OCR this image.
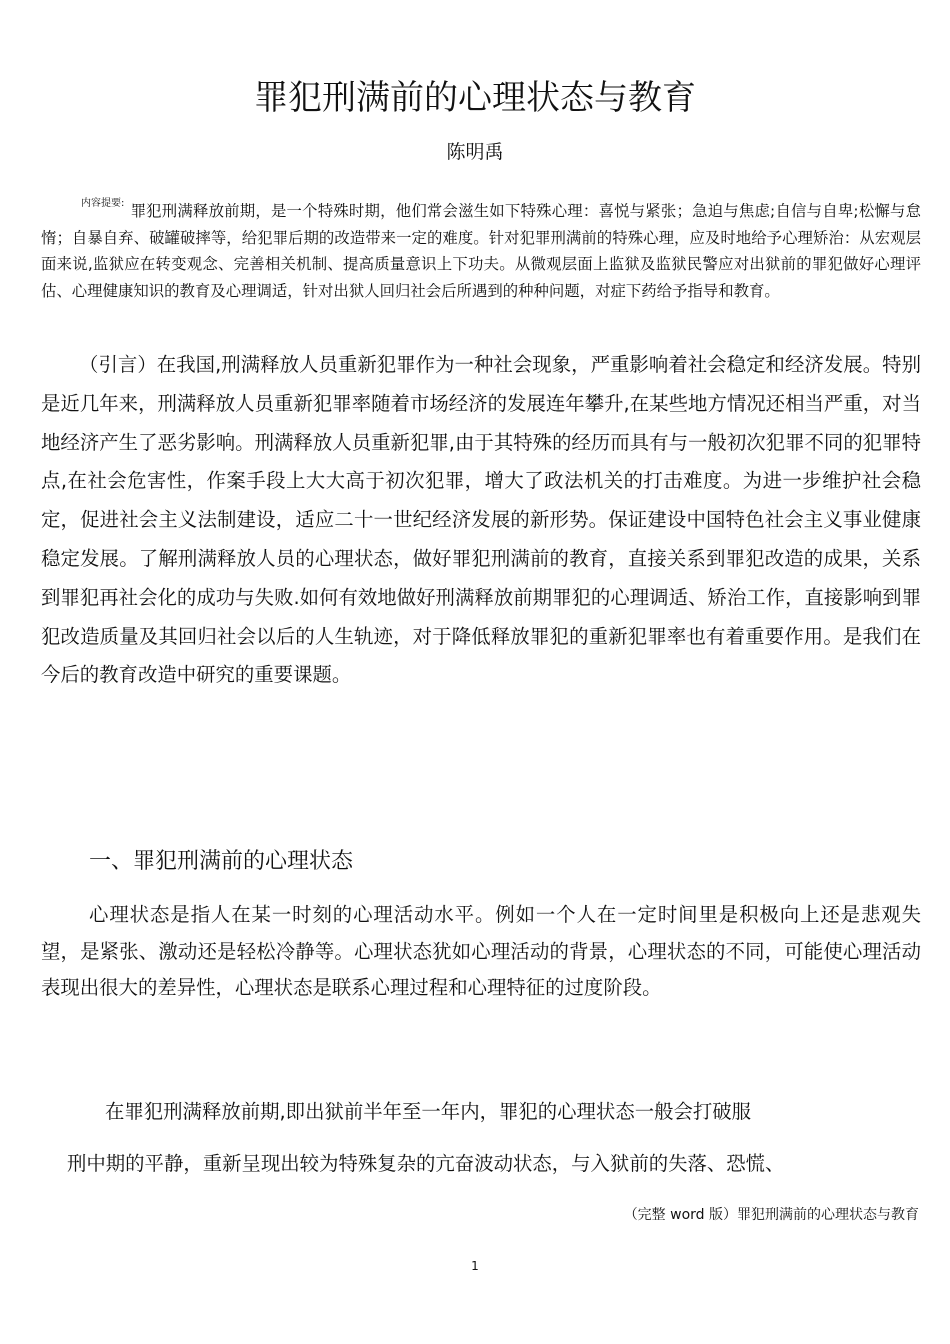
罪犯刑满前的心理状态与教育

陈明禹

内容提要: 罪犯刑满释放前期，是一个特殊时期，他们常会滋生如下特殊心理：喜悦与紧张；急迫与焦虑;自信与自卑;松懈与怠惰；自暴自弃、破罐破摔等，给犯罪后期的改造带来一定的难度。针对犯罪刑满前的特殊心理，应及时地给予心理矫治：从宏观层面来说,监狱应在转变观念、完善相关机制、提高质量意识上下功夫。从微观层面上监狱及监狱民警应对出狱前的罪犯做好心理评估、心理健康知识的教育及心理调适，针对出狱人回归社会后所遇到的种种问题，对症下药给予指导和教育。

（引言）在我国,刑满释放人员重新犯罪作为一种社会现象，严重影响着社会稳定和经济发展。特别是近几年来，刑满释放人员重新犯罪率随着市场经济的发展连年攀升,在某些地方情况还相当严重，对当地经济产生了恶劣影响。刑满释放人员重新犯罪,由于其特殊的经历而具有与一般初次犯罪不同的犯罪特点,在社会危害性，作案手段上大大高于初次犯罪，增大了政法机关的打击难度。为进一步维护社会稳定，促进社会主义法制建设，适应二十一世纪经济发展的新形势。保证建设中国特色社会主义事业健康稳定发展。了解刑满释放人员的心理状态，做好罪犯刑满前的教育，直接关系到罪犯改造的成果，关系到罪犯再社会化的成功与失败.如何有效地做好刑满释放前期罪犯的心理调适、矫治工作，直接影响到罪犯改造质量及其回归社会以后的人生轨迹，对于降低释放罪犯的重新犯罪率也有着重要作用。是我们在今后的教育改造中研究的重要课题。

一、罪犯刑满前的心理状态

心理状态是指人在某一时刻的心理活动水平。例如一个人在一定时间里是积极向上还是悲观失望，是紧张、激动还是轻松冷静等。心理状态犹如心理活动的背景，心理状态的不同，可能使心理活动表现出很大的差异性，心理状态是联系心理过程和心理特征的过度阶段。

在罪犯刑满释放前期,即出狱前半年至一年内，罪犯的心理状态一般会打破服

刑中期的平静，重新呈现出较为特殊复杂的亢奋波动状态，与入狱前的失落、恐慌、

（完整 word 版）罪犯刑满前的心理状态与教育

1
